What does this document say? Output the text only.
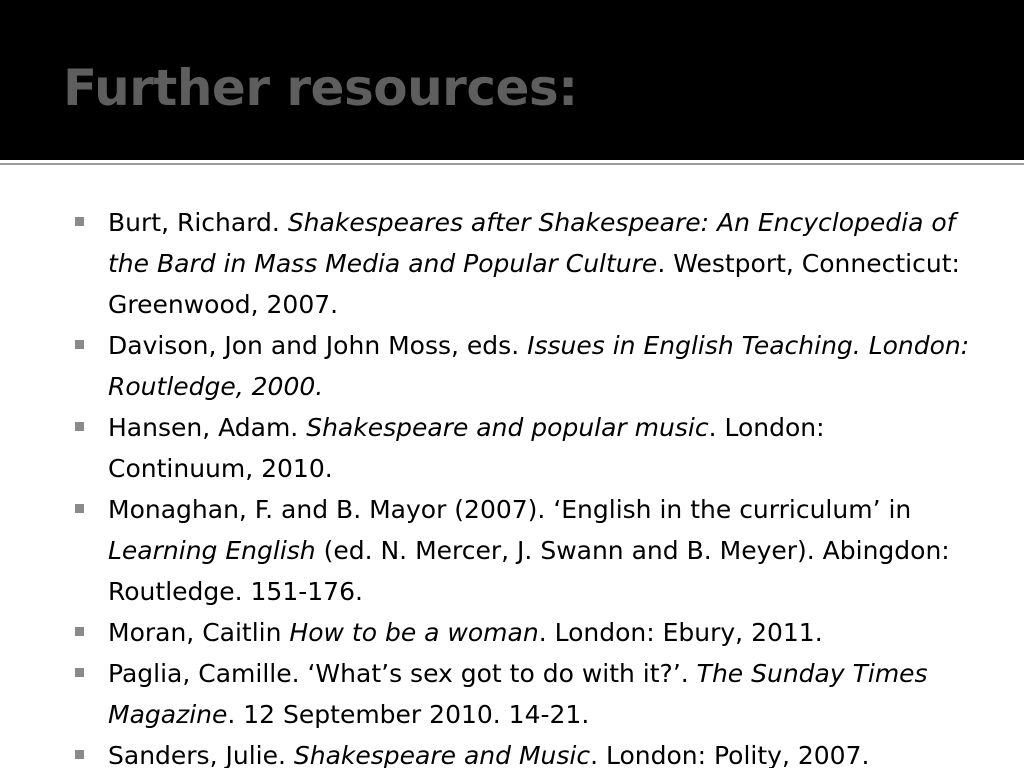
Further resources:
Burt, Richard. Shakespeares after Shakespeare: An Encyclopedia of the Bard in Mass Media and Popular Culture. Westport, Connecticut: Greenwood, 2007.
Davison, Jon and John Moss, eds. Issues in English Teaching. London: Routledge, 2000.
Hansen, Adam. Shakespeare and popular music. London: Continuum, 2010.
Monaghan, F. and B. Mayor (2007). ‘English in the curriculum’ in Learning English (ed. N. Mercer, J. Swann and B. Meyer). Abingdon: Routledge. 151-176.
Moran, Caitlin How to be a woman. London: Ebury, 2011.
Paglia, Camille. ‘What’s sex got to do with it?’. The Sunday Times Magazine. 12 September 2010. 14-21.
Sanders, Julie. Shakespeare and Music. London: Polity, 2007.
